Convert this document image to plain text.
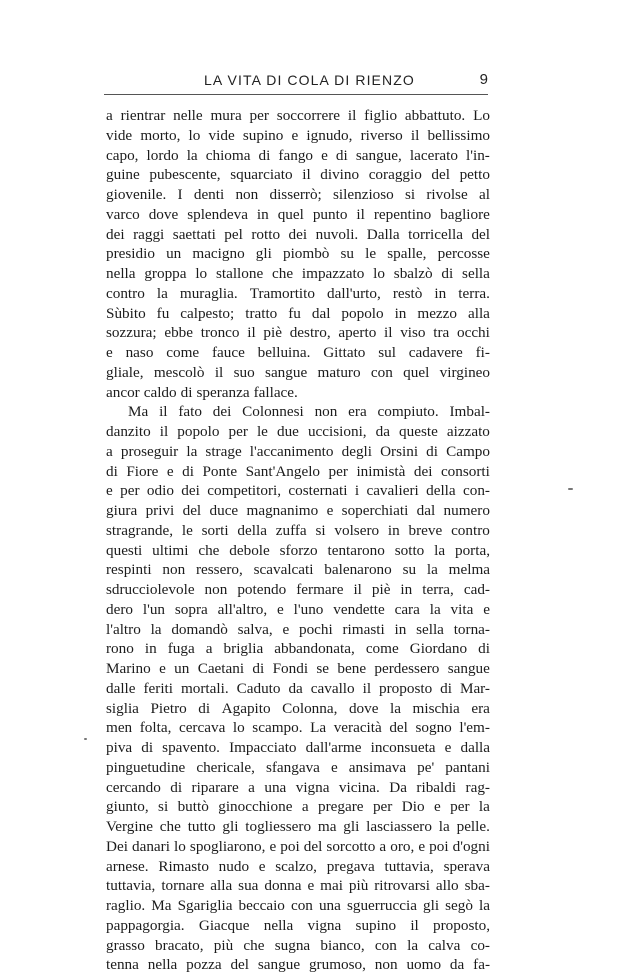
LA VITA DI COLA DI RIENZO	9
a rientrar nelle mura per soccorrere il figlio abbattuto. Lo
vide morto, lo vide supino e ignudo, riverso il bellissimo
capo, lordo la chioma di fango e di sangue, lacerato l'in-
guine pubescente, squarciato il divino coraggio del petto
giovenile. I denti non disserrò; silenzioso si rivolse al
varco dove splendeva in quel punto il repentino bagliore
dei raggi saettati pel rotto dei nuvoli. Dalla torricella del
presidio un macigno gli piombò su le spalle, percosse
nella groppa lo stallone che impazzato lo sbalzò di sella
contro la muraglia. Tramortito dall'urto, restò in terra.
Sùbito fu calpesto; tratto fu dal popolo in mezzo alla
sozzura; ebbe tronco il piè destro, aperto il viso tra occhi
e naso come fauce belluina. Gittato sul cadavere fi-
gliale, mescolò il suo sangue maturo con quel virgineo
ancor caldo di speranza fallace.
Ma il fato dei Colonnesi non era compiuto. Imbal-
danzito il popolo per le due uccisioni, da queste aizzato
a proseguir la strage l'accanimento degli Orsini di Campo
di Fiore e di Ponte Sant'Angelo per inimistà dei consorti
e per odio dei competitori, costernati i cavalieri della con-
giura privi del duce magnanimo e soperchiati dal numero
stragrande, le sorti della zuffa si volsero in breve contro
questi ultimi che debole sforzo tentarono sotto la porta,
respinti non ressero, scavalcati balenarono su la melma
sdrucciolevole non potendo fermare il piè in terra, cad-
dero l'un sopra all'altro, e l'uno vendette cara la vita e
l'altro la domandò salva, e pochi rimasti in sella torna-
rono in fuga a briglia abbandonata, come Giordano di
Marino e un Caetani di Fondi se bene perdessero sangue
dalle feriti mortali. Caduto da cavallo il proposto di Mar-
siglia Pietro di Agapito Colonna, dove la mischia era
men folta, cercava lo scampo. La veracità del sogno l'em-
piva di spavento. Impacciato dall'arme inconsueta e dalla
pinguetudine chericale, sfangava e ansimava pe' pantani
cercando di riparare a una vigna vicina. Da ribaldi rag-
giunto, si buttò ginocchione a pregare per Dio e per la
Vergine che tutto gli togliessero ma gli lasciassero la pelle.
Dei danari lo spogliarono, e poi del sorcotto a oro, e poi d'ogni
arnese. Rimasto nudo e scalzo, pregava tuttavia, sperava
tuttavia, tornare alla sua donna e mai più ritrovarsi allo sba-
raglio. Ma Sgariglia beccaio con una sguerruccia gli segò la
pappagorgia. Giacque nella vigna supino il proposto,
grasso bracato, più che sugna bianco, con la calva co-
tenna nella pozza del sangue grumoso, non uomo da fa-
